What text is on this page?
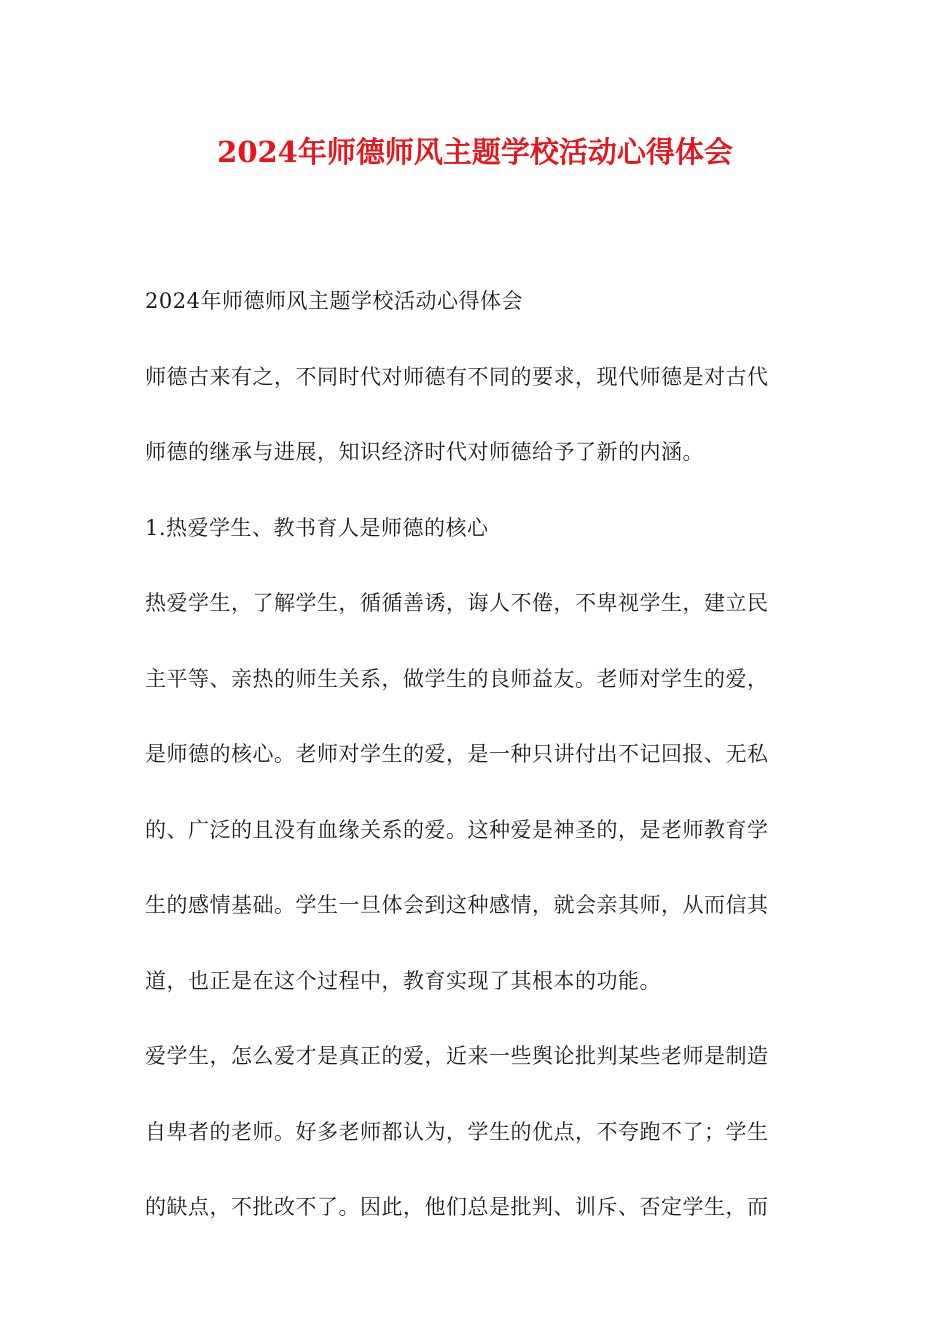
2024年师德师风主题学校活动心得体会
2024年师德师风主题学校活动心得体会
师德古来有之，不同时代对师德有不同的要求，现代师德是对古代
师德的继承与进展，知识经济时代对师德给予了新的内涵。
1.热爱学生、教书育人是师德的核心
热爱学生，了解学生，循循善诱，诲人不倦，不卑视学生，建立民
主平等、亲热的师生关系，做学生的良师益友。老师对学生的爱，
是师德的核心。老师对学生的爱，是一种只讲付出不记回报、无私
的、广泛的且没有血缘关系的爱。这种爱是神圣的，是老师教育学
生的感情基础。学生一旦体会到这种感情，就会亲其师，从而信其
道，也正是在这个过程中，教育实现了其根本的功能。
爱学生，怎么爱才是真正的爱，近来一些舆论批判某些老师是制造
自卑者的老师。好多老师都认为，学生的优点，不夸跑不了；学生
的缺点，不批改不了。因此，他们总是批判、训斥、否定学生，而
